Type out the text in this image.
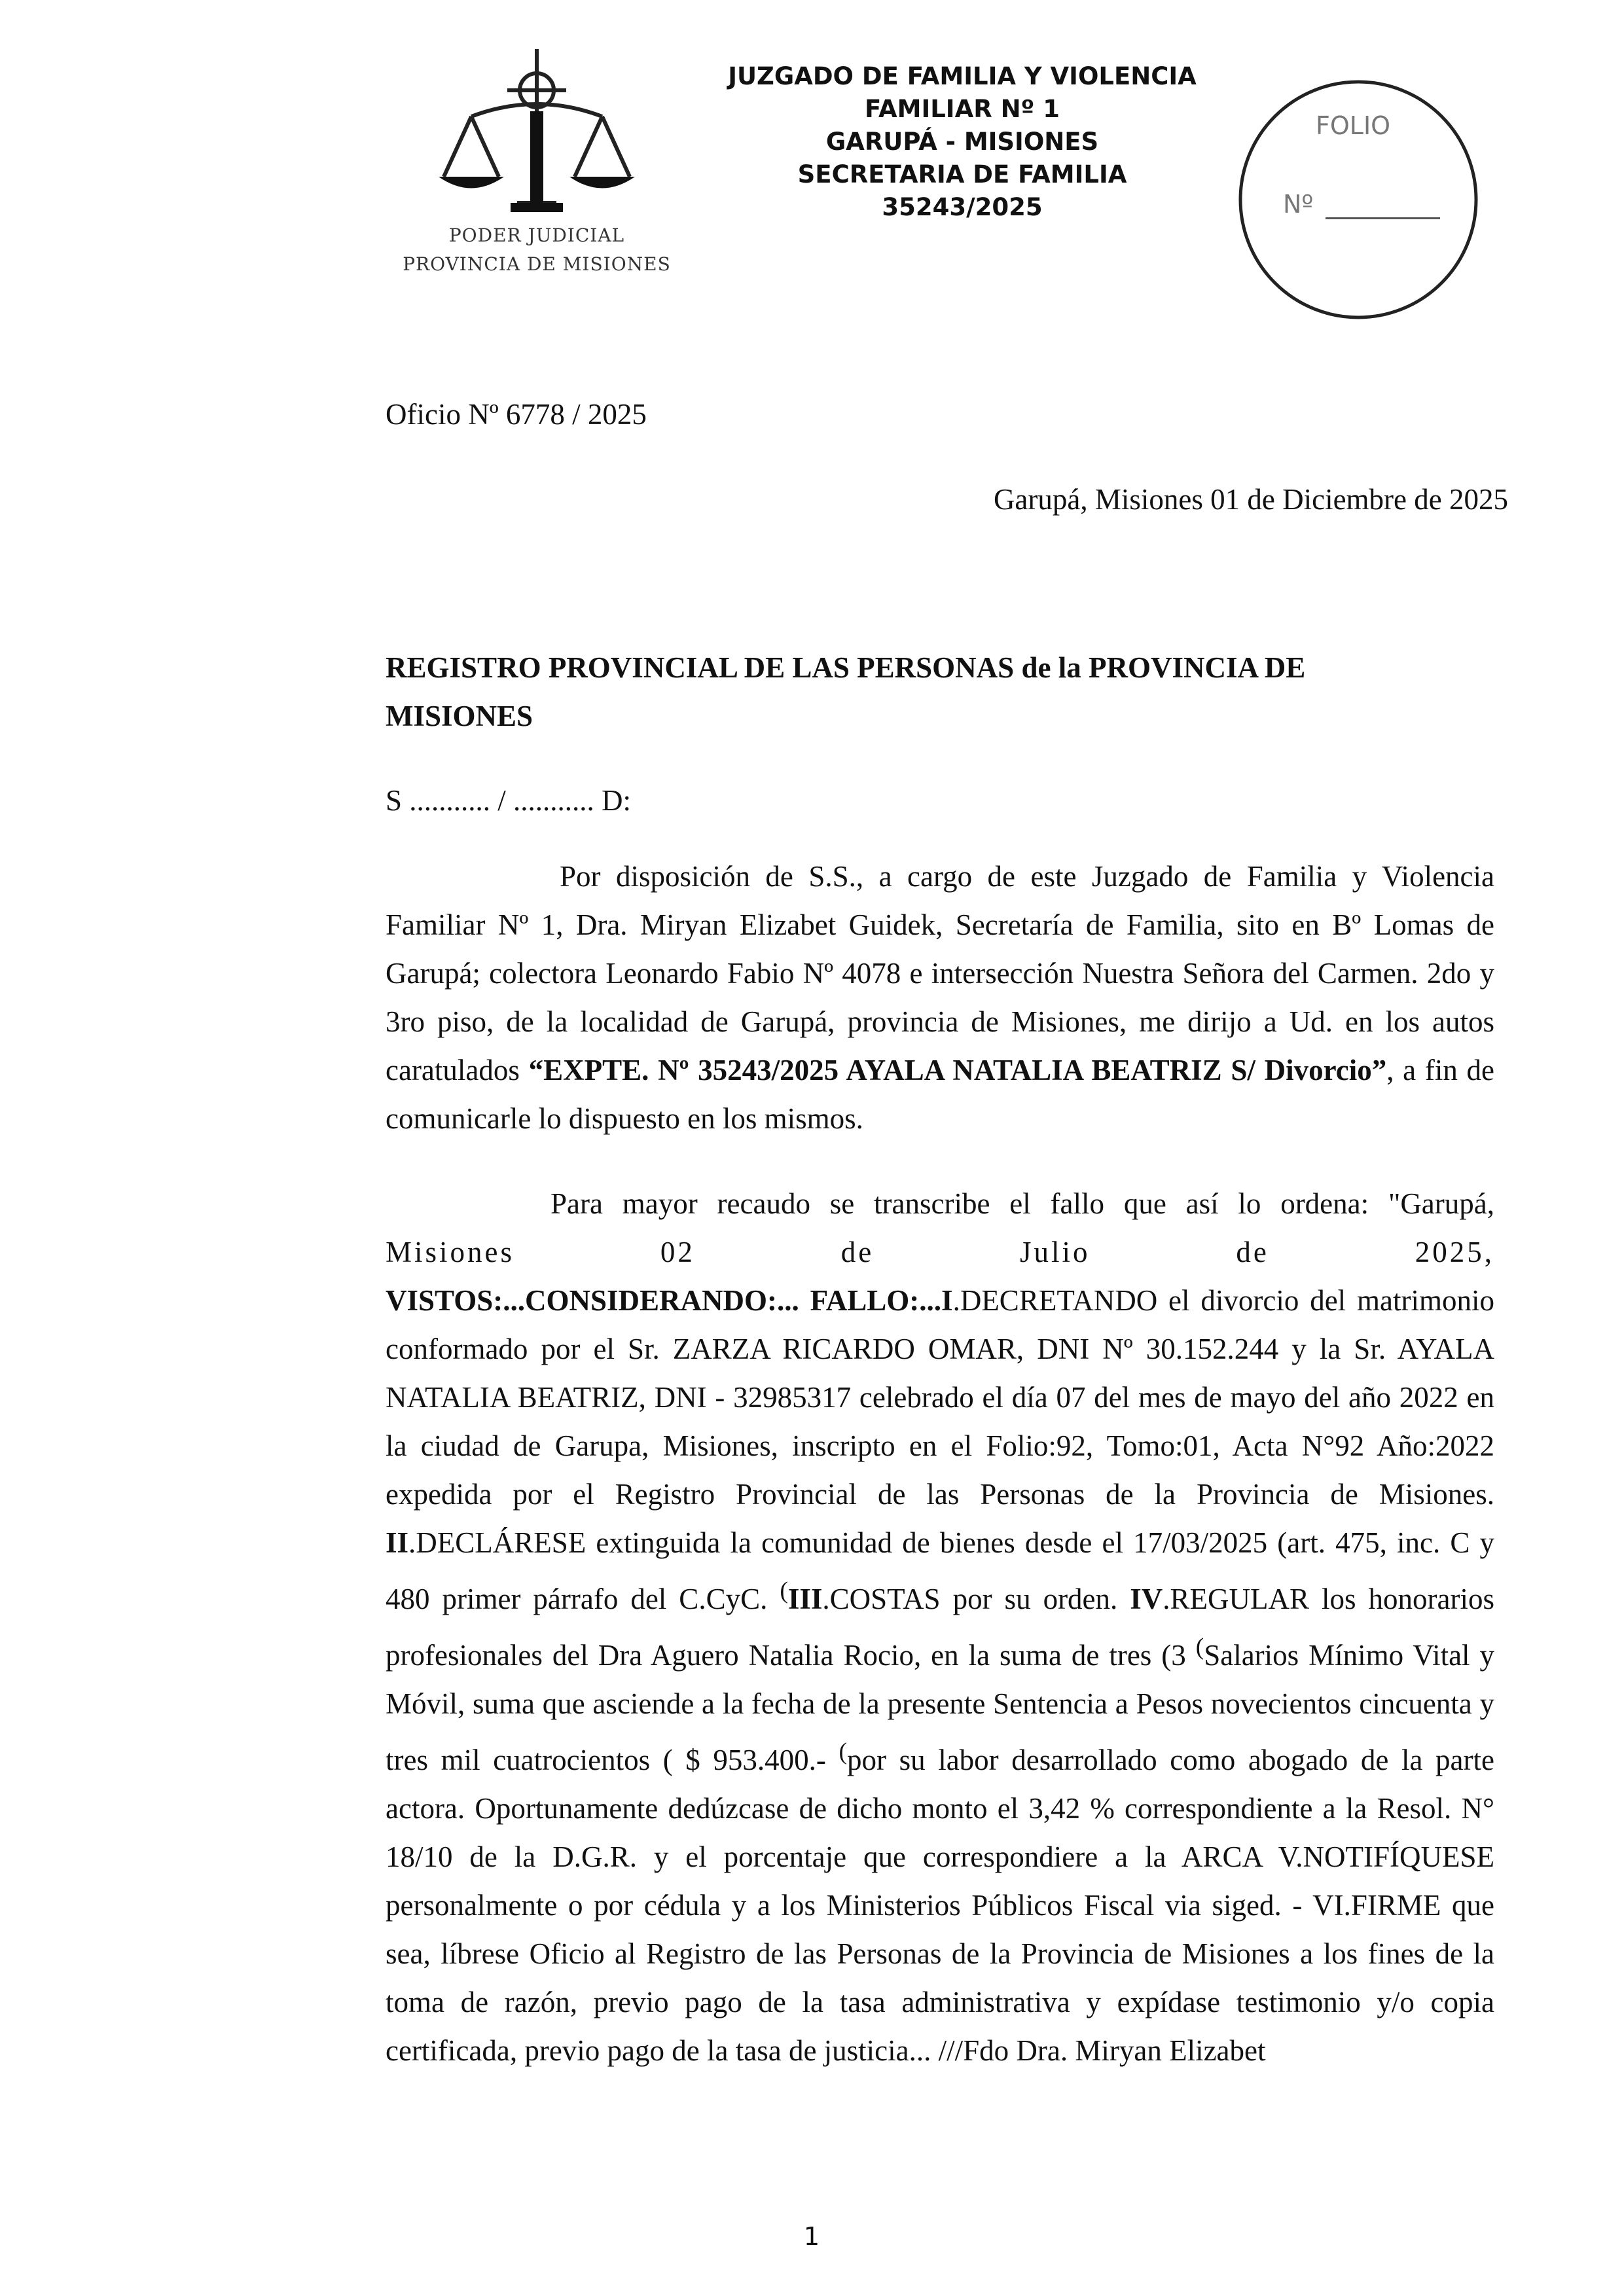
PODER JUDICIAL
PROVINCIA DE MISIONES
JUZGADO DE FAMILIA Y VIOLENCIA
FAMILIAR Nº 1
GARUPÁ - MISIONES
SECRETARIA DE FAMILIA
35243/2025
FOLIO
Nº
Oficio Nº 6778 / 2025
Garupá, Misiones 01 de Diciembre de 2025
REGISTRO PROVINCIAL DE LAS PERSONAS de la PROVINCIA DE
MISIONES
S ........... / ........... D:

Por disposición de S.S., a cargo de este Juzgado de Familia y Violencia Familiar Nº 1, Dra. Miryan Elizabet Guidek, Secretaría de Familia, sito en Bº Lomas de Garupá; colectora Leonardo Fabio Nº 4078 e intersección Nuestra Señora del Carmen. 2do y 3ro piso, de la localidad de Garupá, provincia de Misiones, me dirijo a Ud. en los autos caratulados “EXPTE. Nº 35243/2025 AYALA NATALIA BEATRIZ S/ Divorcio”, a fin de comunicarle lo dispuesto en los mismos.

Para mayor recaudo se transcribe el fallo que así lo ordena: "Garupá,
Misiones	02	de	Julio	de	2025,

VISTOS:...CONSIDERANDO:... FALLO:...I.DECRETANDO el divorcio del matrimonio conformado por el Sr. ZARZA RICARDO OMAR, DNI Nº 30.152.244 y la Sr. AYALA NATALIA BEATRIZ, DNI - 32985317 celebrado el día 07 del mes de mayo del año 2022 en la ciudad de Garupa, Misiones, inscripto en el Folio:92, Tomo:01, Acta N°92 Año:2022 expedida por el Registro Provincial de las Personas de la Provincia de Misiones. II.DECLÁRESE extinguida la comunidad de bienes desde el 17/03/2025 (art. 475, inc. C y 480 primer párrafo del C.CyC. (III.COSTAS por su orden. IV.REGULAR los honorarios profesionales del Dra Aguero Natalia Rocio, en la suma de tres (3 (Salarios Mínimo Vital y Móvil, suma que asciende a la fecha de la presente Sentencia a Pesos novecientos cincuenta y tres mil cuatrocientos ( $ 953.400.- (por su labor desarrollado como abogado de la parte actora. Oportunamente dedúzcase de dicho monto el 3,42 % correspondiente a la Resol. N° 18/10 de la D.G.R. y el porcentaje que correspondiere a la ARCA V.NOTIFÍQUESE personalmente o por cédula y a los Ministerios Públicos Fiscal via siged. - VI.FIRME que sea, líbrese Oficio al Registro de las Personas de la Provincia de Misiones a los fines de la toma de razón, previo pago de la tasa administrativa y expídase testimonio y/o copia certificada, previo pago de la tasa de justicia... ///Fdo Dra. Miryan Elizabet

1
